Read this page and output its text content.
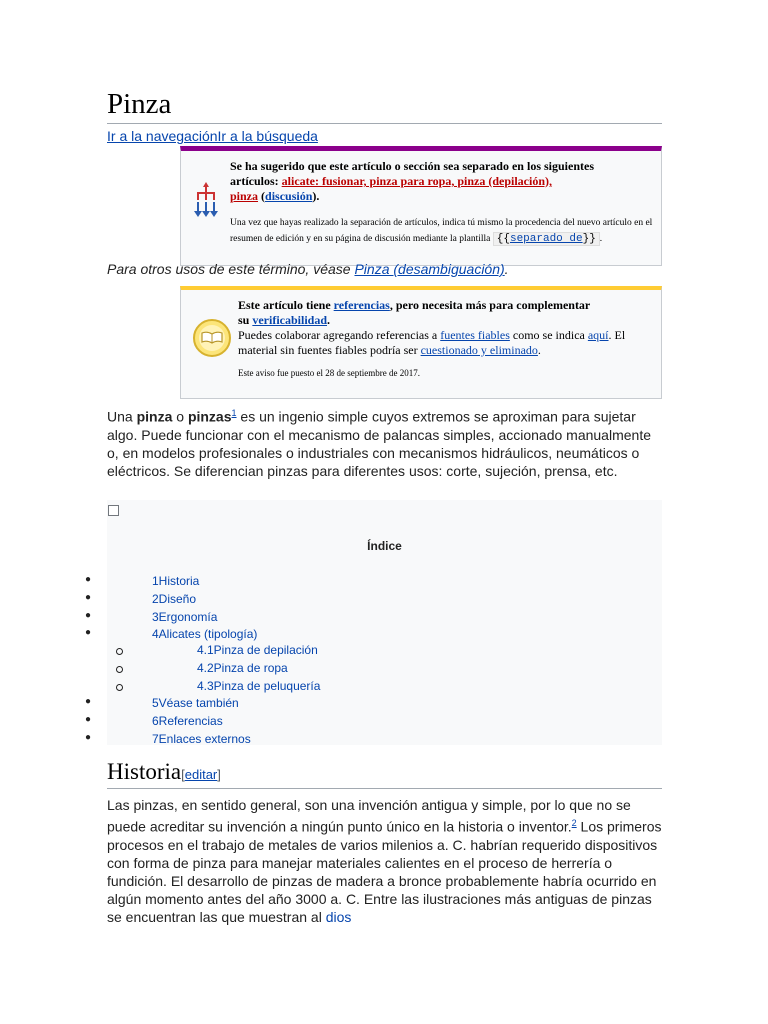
Pinza
Ir a la navegaciónIr a la búsqueda
Se ha sugerido que este artículo o sección sea separado en los siguientes
artículos: alicate: fusionar, pinza para ropa, pinza (depilación),
pinza (discusión).
Una vez que hayas realizado la separación de artículos, indica tú mismo la procedencia del nuevo artículo en el resumen de edición y en su página de discusión mediante la plantilla {{separado de}} .
Para otros usos de este término, véase Pinza (desambiguación).
Este artículo tiene referencias, pero necesita más para complementar
su verificabilidad.
Puedes colaborar agregando referencias a fuentes fiables como se indica aquí. El material sin fuentes fiables podría ser cuestionado y eliminado.
Este aviso fue puesto el 28 de septiembre de 2017.
Una pinza o pinzas$^1$ es un ingenio simple cuyos extremos se aproximan para sujetar algo. Puede funcionar con el mecanismo de palancas simples, accionado manualmente o, en modelos profesionales o industriales con mecanismos hidráulicos, neumáticos o eléctricos. Se diferencian pinzas para diferentes usos: corte, sujeción, prensa, etc.
Índice
●	1Historia
●	2Diseño
●	3Ergonomía
●	4Alicates (tipología)
4.1Pinza de depilación
4.2Pinza de ropa
4.3Pinza de peluquería
●	5Véase también
●	6Referencias
●	7Enlaces externos
Historia[editar]
Las pinzas, en sentido general, son una invención antigua y simple, por lo que no se puede acreditar su invención a ningún punto único en la historia o inventor.$^2$ Los primeros procesos en el trabajo de metales de varios milenios a. C. habrían requerido dispositivos con forma de pinza para manejar materiales calientes en el proceso de herrería o fundición. El desarrollo de pinzas de madera a bronce probablemente habría ocurrido en algún momento antes del año 3000 a. C. Entre las ilustraciones más antiguas de pinzas se encuentran las que muestran al dios
